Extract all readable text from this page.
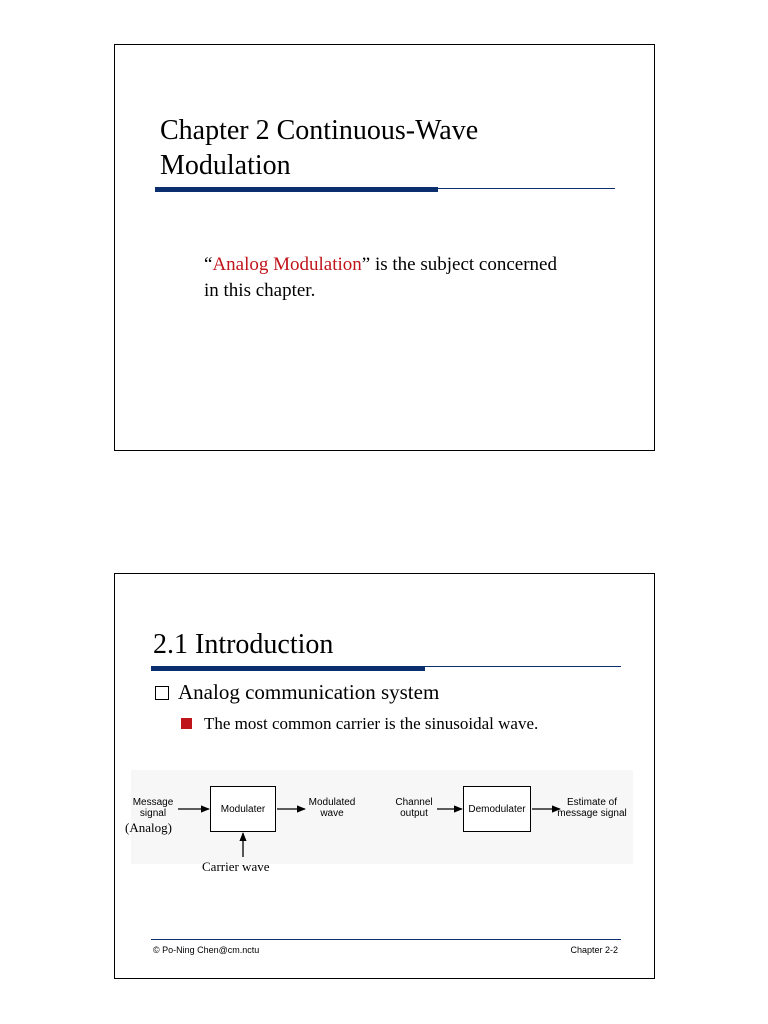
Chapter 2 Continuous-Wave
Modulation
“Analog Modulation” is the subject concerned
in this chapter.
2.1 Introduction
Analog communication system
The most common carrier is the sinusoidal wave.
Message
signal
(Analog)
Modulater
Modulated
wave
Carrier wave
Channel
output	Demodulater
Estimate of
message signal
© Po-Ning Chen@cm.nctu	Chapter 2-2
